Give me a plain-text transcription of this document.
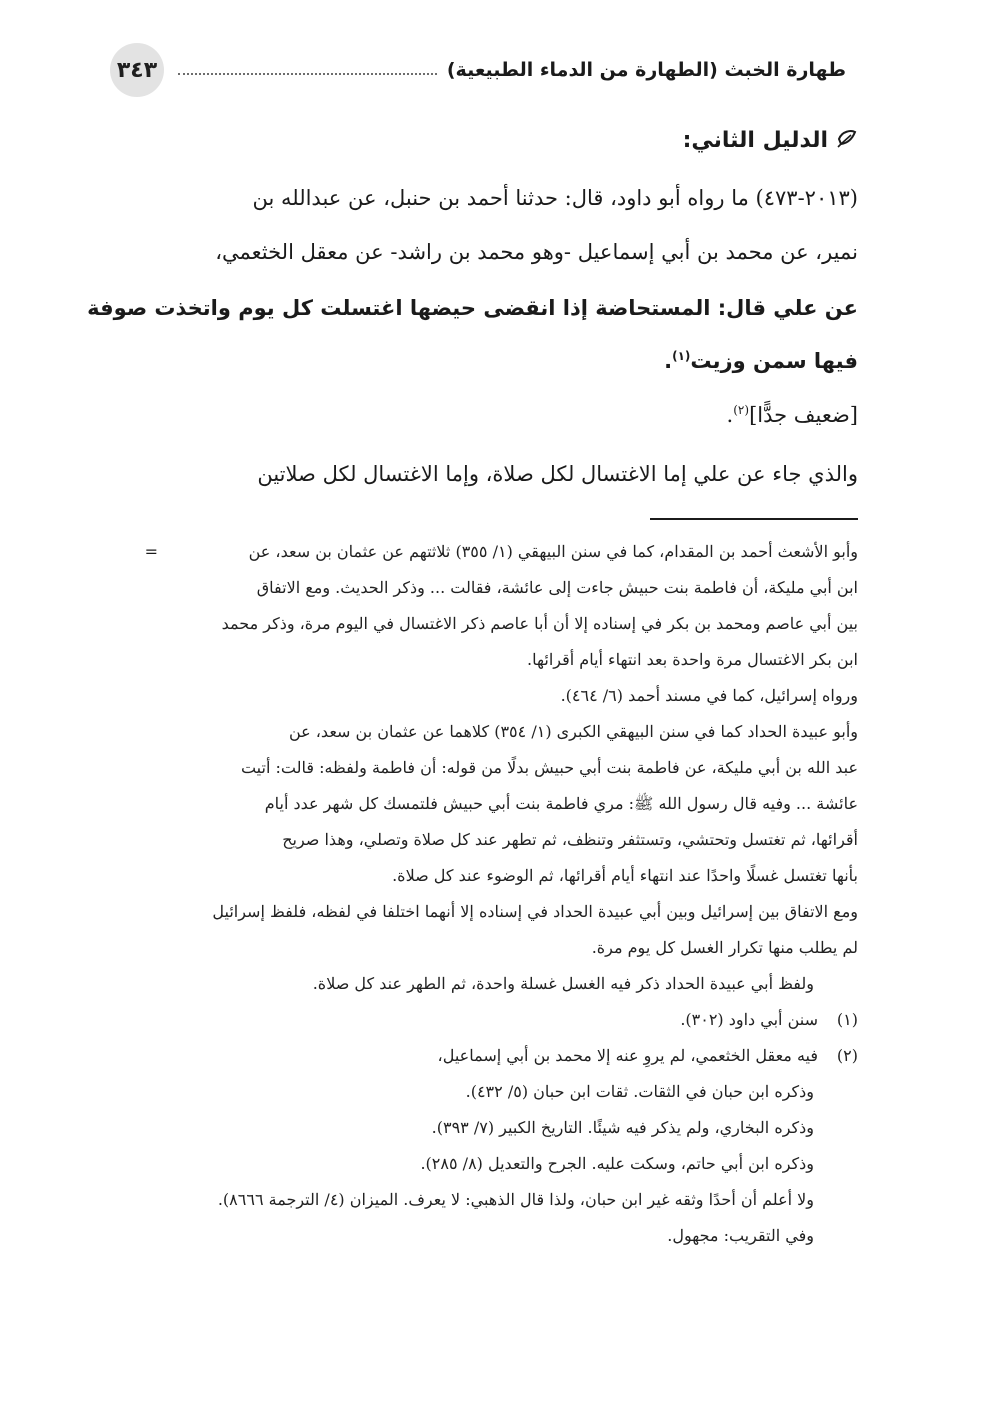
طهارة الخبث (الطهارة من الدماء الطبيعية)
٣٤٣
الدليل الثاني:
(٢٠١٣-٤٧٣) ما رواه أبو داود، قال: حدثنا أحمد بن حنبل، عن عبدالله بن
نمير، عن محمد بن أبي إسماعيل -وهو محمد بن راشد- عن معقل الخثعمي،
عن علي قال: المستحاضة إذا انقضى حيضها اغتسلت كل يوم واتخذت صوفة
فيها سمن وزيت$^{(١)}$.
[ضعيف جدًّا]$^{(٢)}$.
والذي جاء عن علي إما الاغتسال لكل صلاة، وإما الاغتسال لكل صلاتين
=	وأبو الأشعث أحمد بن المقدام، كما في سنن البيهقي (١/ ٣٥٥) ثلاثتهم عن عثمان بن سعد، عن
ابن أبي مليكة، أن فاطمة بنت حبيش جاءت إلى عائشة، فقالت ... وذكر الحديث. ومع الاتفاق
بين أبي عاصم ومحمد بن بكر في إسناده إلا أن أبا عاصم ذكر الاغتسال في اليوم مرة، وذكر محمد
ابن بكر الاغتسال مرة واحدة بعد انتهاء أيام أقرائها.
ورواه إسرائيل، كما في مسند أحمد (٦/ ٤٦٤).
وأبو عبيدة الحداد كما في سنن البيهقي الكبرى (١/ ٣٥٤) كلاهما عن عثمان بن سعد، عن
عبد الله بن أبي مليكة، عن فاطمة بنت أبي حبيش بدلًا من قوله: أن فاطمة ولفظه: قالت: أتيت
عائشة ... وفيه قال رسول الله ﷺ: مري فاطمة بنت أبي حبيش فلتمسك كل شهر عدد أيام
أقرائها، ثم تغتسل وتحتشي، وتستثفر وتنظف، ثم تطهر عند كل صلاة وتصلي، وهذا صريح
بأنها تغتسل غسلًا واحدًا عند انتهاء أيام أقرائها، ثم الوضوء عند كل صلاة.
ومع الاتفاق بين إسرائيل وبين أبي عبيدة الحداد في إسناده إلا أنهما اختلفا في لفظه، فلفظ إسرائيل
لم يطلب منها تكرار الغسل كل يوم مرة.
ولفظ أبي عبيدة الحداد ذكر فيه الغسل غسلة واحدة، ثم الطهر عند كل صلاة.
(١)سنن أبي داود (٣٠٢).
(٢)فيه معقل الخثعمي، لم يروِ عنه إلا محمد بن أبي إسماعيل،
وذكره ابن حبان في الثقات. ثقات ابن حبان (٥/ ٤٣٢).
وذكره البخاري، ولم يذكر فيه شيئًا. التاريخ الكبير (٧/ ٣٩٣).
وذكره ابن أبي حاتم، وسكت عليه. الجرح والتعديل (٨/ ٢٨٥).
ولا أعلم أن أحدًا وثقه غير ابن حبان، ولذا قال الذهبي: لا يعرف. الميزان (٤/ الترجمة ٨٦٦٦).
وفي التقريب: مجهول.
